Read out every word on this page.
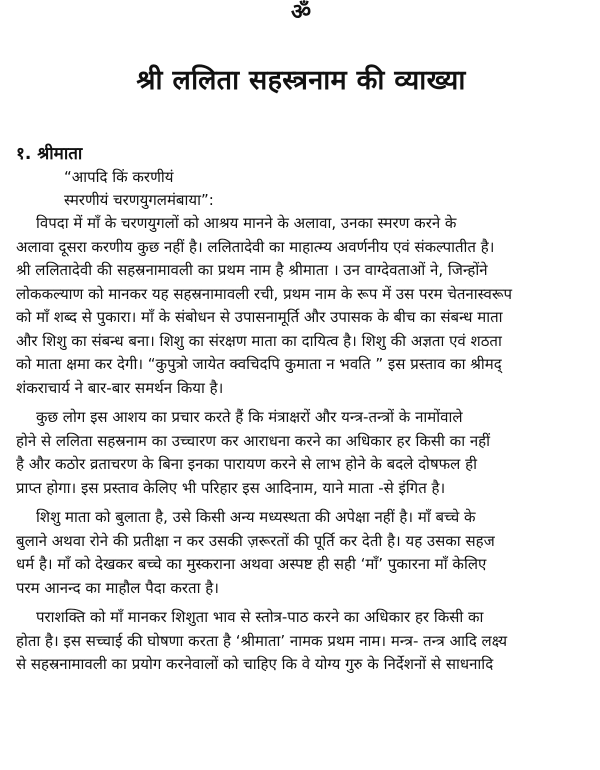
ॐ
श्री ललिता सहस्त्रनाम की व्याख्या
१. श्रीमाता
“आपदि किं करणीयं
स्मरणीयं चरणयुगलमंबाया”:
विपदा में माँ के चरणयुगलों को आश्रय मानने के अलावा, उनका स्मरण करने के
अलावा दूसरा करणीय कुछ नहीं है। ललितादेवी का माहात्म्य अवर्णनीय एवं संकल्पातीत है।
श्री ललितादेवी की सहस्रनामावली का प्रथम नाम है श्रीमाता । उन वाग्देवताओं ने, जिन्होंने
लोककल्याण को मानकर यह सहस्रनामावली रची, प्रथम नाम के रूप में उस परम चेतनास्वरूप
को माँ शब्द से पुकारा। माँ के संबोधन से उपासनामूर्ति और उपासक के बीच का संबन्ध माता
और शिशु का संबन्ध बना। शिशु का संरक्षण माता का दायित्व है। शिशु की अज्ञता एवं शठता
को माता क्षमा कर देगी। “कुपुत्रो जायेत क्वचिदपि कुमाता न भवति ” इस प्रस्ताव का श्रीमद्
शंकराचार्य ने बार-बार समर्थन किया है।
कुछ लोग इस आशय का प्रचार करते हैं कि मंत्राक्षरों और यन्त्र-तन्त्रों के नामोंवाले
होने से ललिता सहस्रनाम का उच्चारण कर आराधना करने का अधिकार हर किसी का नहीं
है और कठोर व्रताचरण के बिना इनका पारायण करने से लाभ होने के बदले दोषफल ही
प्राप्त होगा। इस प्रस्ताव केलिए भी परिहार इस आदिनाम, याने माता -से इंगित है।
शिशु माता को बुलाता है, उसे किसी अन्य मध्यस्थता की अपेक्षा नहीं है। माँ बच्चे के
बुलाने अथवा रोने की प्रतीक्षा न कर उसकी ज़रूरतों की पूर्ति कर देती है। यह उसका सहज
धर्म है। माँ को देखकर बच्चे का मुस्कराना अथवा अस्पष्ट ही सही ‘माँ’ पुकारना माँ केलिए
परम आनन्द का माहौल पैदा करता है।
पराशक्ति को माँ मानकर शिशुता भाव से स्तोत्र-पाठ करने का अधिकार हर किसी का
होता है। इस सच्चाई की घोषणा करता है ‘श्रीमाता’ नामक प्रथम नाम। मन्त्र- तन्त्र आदि लक्ष्य
से सहस्रनामावली का प्रयोग करनेवालों को चाहिए कि वे योग्य गुरु के निर्देशनों से साधनादि
